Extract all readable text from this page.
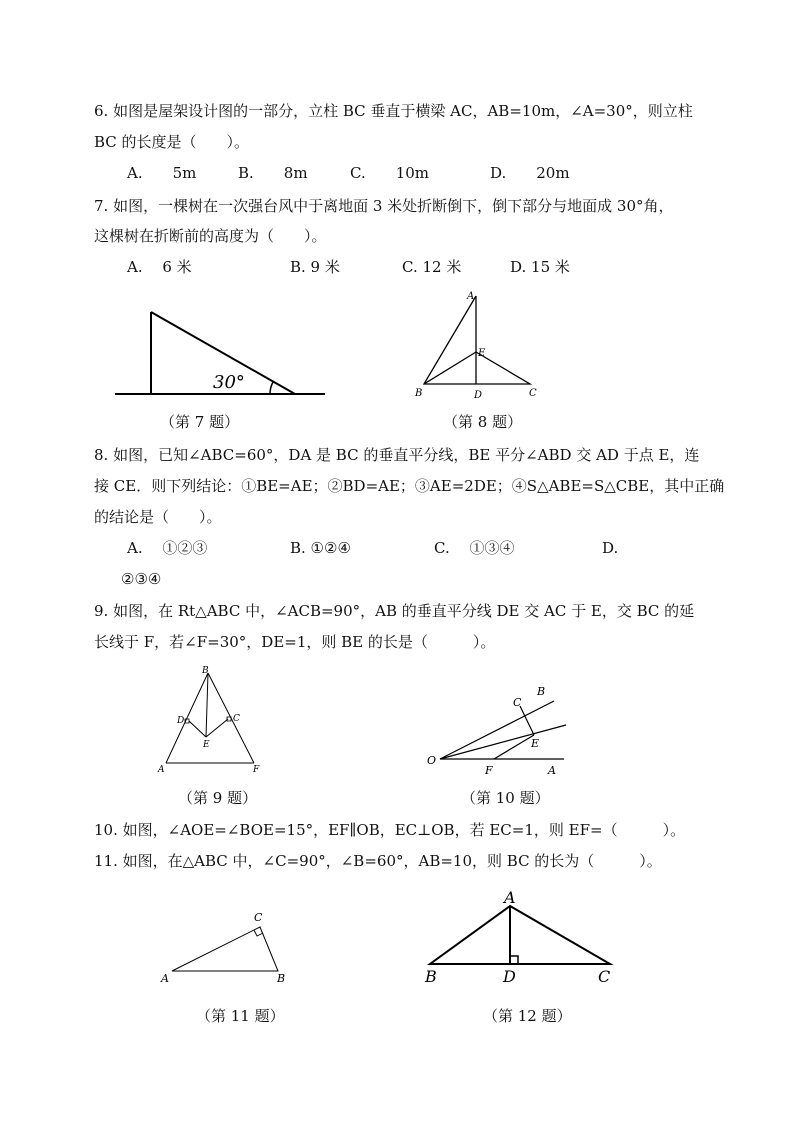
6. 如图是屋架设计图的一部分，立柱 BC 垂直于横梁 AC，AB=10m，∠A=30°，则立柱
BC 的长度是（　　）。
A.　　5m	B.　　8m	C.　　10m	D.　　20m
7. 如图，一棵树在一次强台风中于离地面 3 米处折断倒下，倒下部分与地面成 30°角，
这棵树在折断前的高度为（　　）。
A.　 6 米	B. 9 米	C. 12 米	D. 15 米
30°
（第 7 题）
A
E
B	D	C
（第 8 题）
8. 如图，已知∠ABC=60°，DA 是 BC 的垂直平分线，BE 平分∠ABD 交 AD 于点 E，连
接 CE．则下列结论：①BE=AE；②BD=AE；③AE=2DE；④S△ABE=S△CBE，其中正确
的结论是（　　）。
A.　 ①②③	B. ①②④	C.　 ①③④	D.
②③④
9. 如图，在 Rt△ABC 中，∠ACB=90°，AB 的垂直平分线 DE 交 AC 于 E，交 BC 的延
长线于 F，若∠F=30°，DE=1，则 BE 的长是（　　　）。
B
D	C
E
A	F
（第 9 题）
C
B
E
O
F	A
（第 10 题）
10. 如图，∠AOE=∠BOE=15°，EF∥OB，EC⊥OB，若 EC=1，则 EF=（　　　）。
11. 如图，在△ABC 中，∠C=90°，∠B=60°，AB=10，则 BC 的长为（　　　）。
C
A	B
（第 11 题）
A
B	D	C
（第 12 题）
